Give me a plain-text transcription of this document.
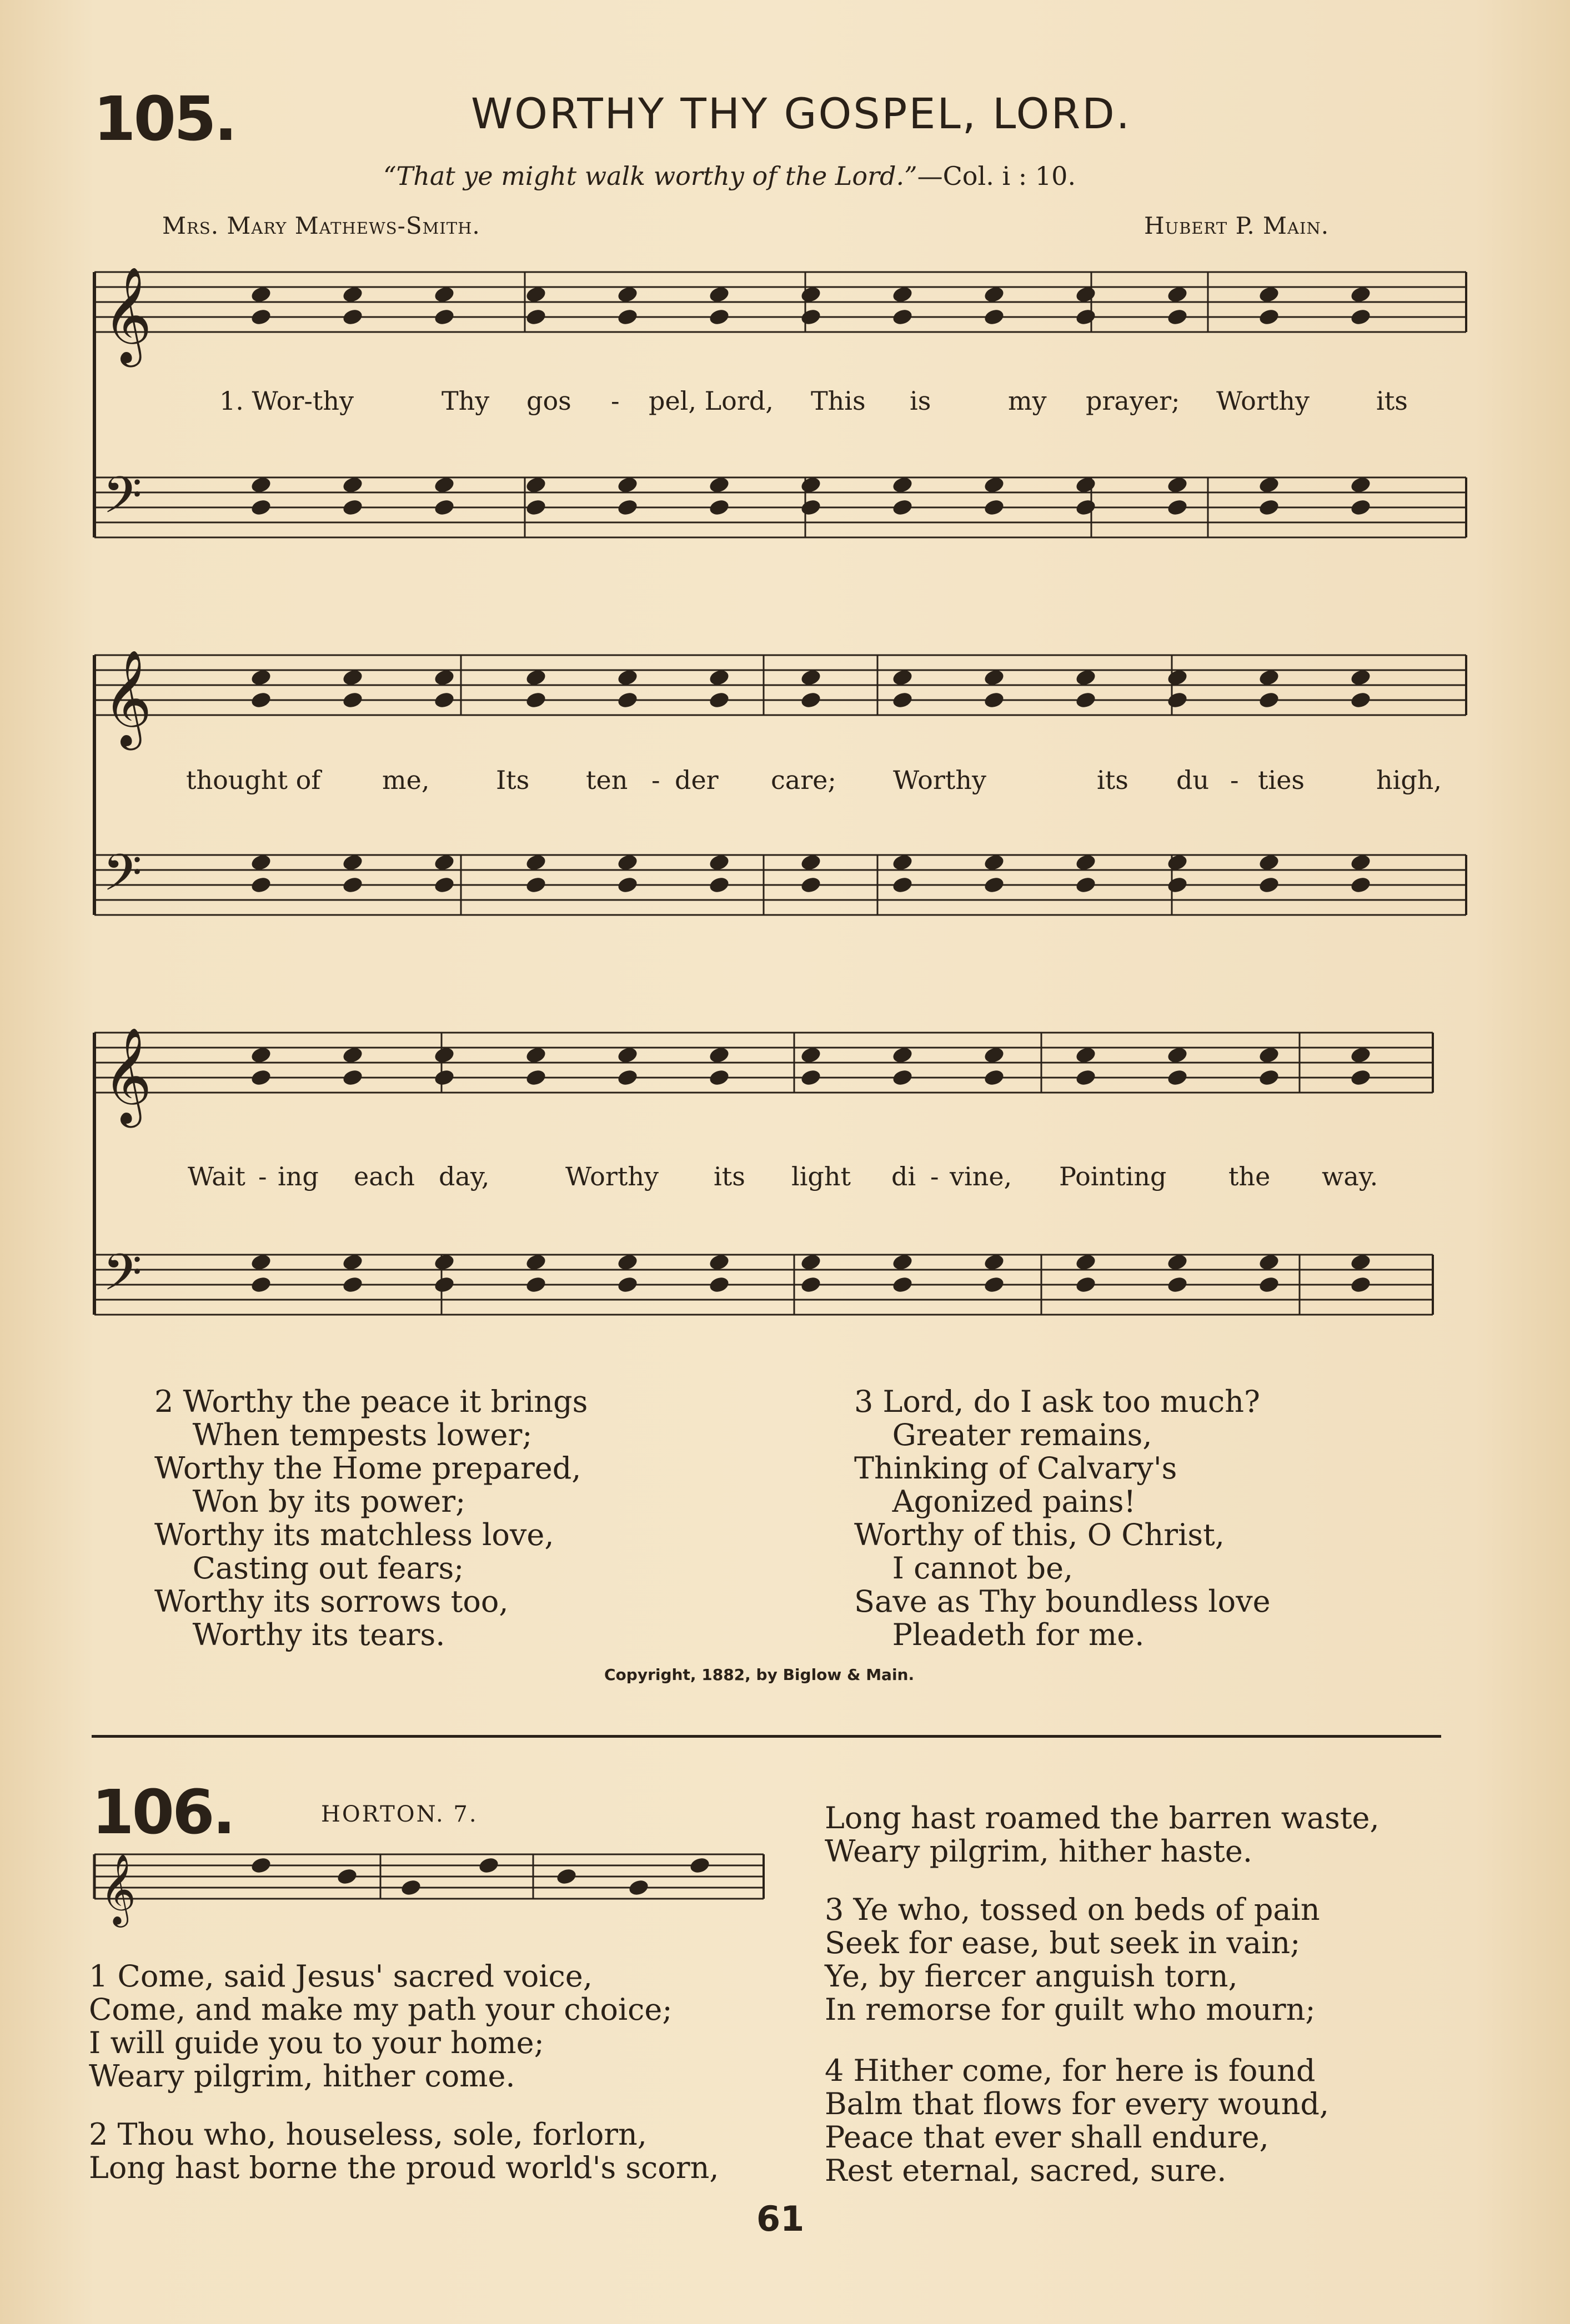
105.	WORTHY THY GOSPEL, LORD.
“That ye might walk worthy of the Lord.”—Col. i : 10.
Mrs. Mary Mathews-Smith.	Hubert P. Main.
𝄞
𝄢
𝄞
𝄢
𝄞
𝄢
𝄞
1. Wor-thy	Thy gos - pel, Lord, This is	my prayer; Worthy	its
thought of me,	Its ten - der care; Worthy	its du - ties	high,
Wait - ing each day,	Worthy its light di - vine, Pointing the way.
2 Worthy the peace it brings
When tempests lower;
Worthy the Home prepared,
Won by its power;
Worthy its matchless love,
Casting out fears;
Worthy its sorrows too,
Worthy its tears.
3 Lord, do I ask too much?
Greater remains,
Thinking of Calvary's
Agonized pains!
Worthy of this, O Christ,
I cannot be,
Save as Thy boundless love
Pleadeth for me.
Copyright, 1882, by Biglow & Main.
106.	HORTON. 7.
1 Come, said Jesus' sacred voice,
Come, and make my path your choice;
I will guide you to your home;
Weary pilgrim, hither come.
2 Thou who, houseless, sole, forlorn,
Long hast borne the proud world's scorn,
Long hast roamed the barren waste,
Weary pilgrim, hither haste.
3 Ye who, tossed on beds of pain
Seek for ease, but seek in vain;
Ye, by fiercer anguish torn,
In remorse for guilt who mourn;
4 Hither come, for here is found
Balm that flows for every wound,
Peace that ever shall endure,
Rest eternal, sacred, sure.
61
